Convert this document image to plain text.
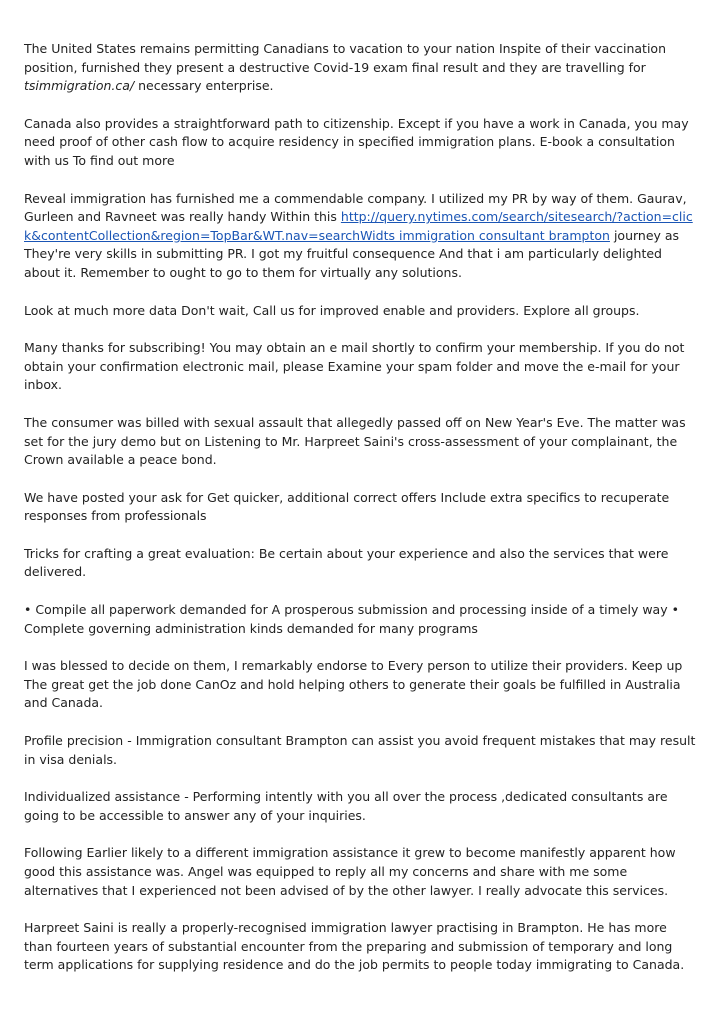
The United States remains permitting Canadians to vacation to your nation Inspite of their vaccination position, furnished they present a destructive Covid-19 exam final result and they are travelling for tsimmigration.ca/ necessary enterprise.

Canada also provides a straightforward path to citizenship. Except if you have a work in Canada, you may need proof of other cash flow to acquire residency in specified immigration plans. E-book a consultation with us To find out more

Reveal immigration has furnished me a commendable company. I utilized my PR by way of them. Gaurav, Gurleen and Ravneet was really handy Within this http://query.nytimes.com/search/sitesearch/?action=click&contentCollection&region=TopBar&WT.nav=searchWidts immigration consultant brampton journey as They're very skills in submitting PR. I got my fruitful consequence And that i am particularly delighted about it. Remember to ought to go to them for virtually any solutions.

Look at much more data Don't wait, Call us for improved enable and providers. Explore all groups.

Many thanks for subscribing! You may obtain an e mail shortly to confirm your membership. If you do not obtain your confirmation electronic mail, please Examine your spam folder and move the e-mail for your inbox.

The consumer was billed with sexual assault that allegedly passed off on New Year's Eve. The matter was set for the jury demo but on Listening to Mr. Harpreet Saini's cross-assessment of your complainant, the Crown available a peace bond.

We have posted your ask for Get quicker, additional correct offers Include extra specifics to recuperate responses from professionals

Tricks for crafting a great evaluation: Be certain about your experience and also the services that were delivered.

• Compile all paperwork demanded for A prosperous submission and processing inside of a timely way • Complete governing administration kinds demanded for many programs

I was blessed to decide on them, I remarkably endorse to Every person to utilize their providers. Keep up The great get the job done CanOz and hold helping others to generate their goals be fulfilled in Australia and Canada.

Profile precision - Immigration consultant Brampton can assist you avoid frequent mistakes that may result in visa denials.

Individualized assistance - Performing intently with you all over the process ,dedicated consultants are going to be accessible to answer any of your inquiries.

Following Earlier likely to a different immigration assistance it grew to become manifestly apparent how good this assistance was. Angel was equipped to reply all my concerns and share with me some alternatives that I experienced not been advised of by the other lawyer. I really advocate this services.

Harpreet Saini is really a properly-recognised immigration lawyer practising in Brampton. He has more than fourteen years of substantial encounter from the preparing and submission of temporary and long term applications for supplying residence and do the job permits to people today immigrating to Canada.
